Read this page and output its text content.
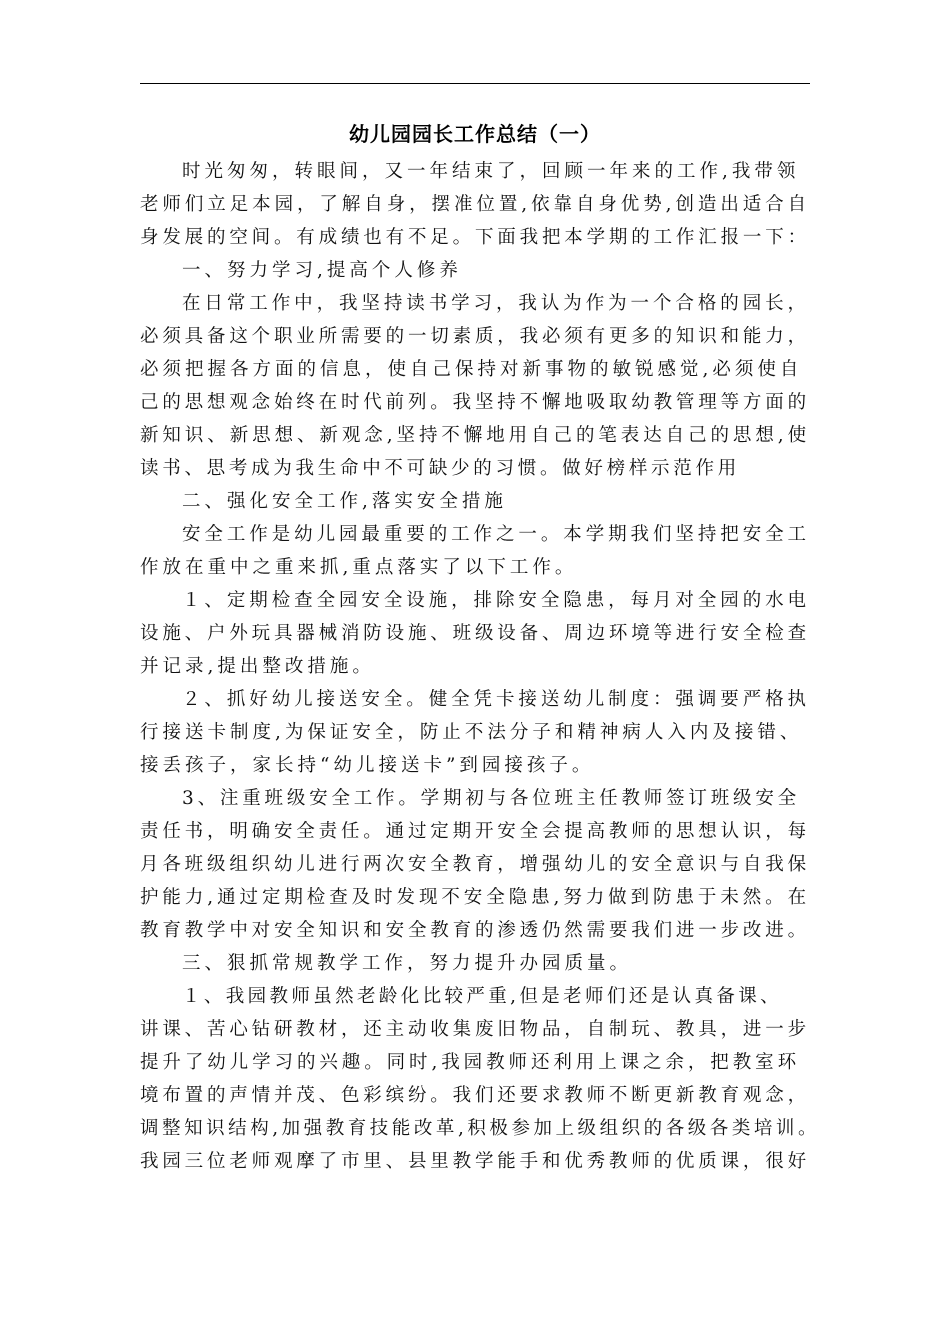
幼儿园园长工作总结（一）
时光匆匆，转眼间，又一年结束了，回顾一年来的工作,我带领
老师们立足本园，了解自身，摆准位置,依靠自身优势,创造出适合自
身发展的空间。有成绩也有不足。下面我把本学期的工作汇报一下：
一、努力学习,提高个人修养
在日常工作中，我坚持读书学习，我认为作为一个合格的园长，
必须具备这个职业所需要的一切素质，我必须有更多的知识和能力，
必须把握各方面的信息，使自己保持对新事物的敏锐感觉,必须使自
己的思想观念始终在时代前列。我坚持不懈地吸取幼教管理等方面的
新知识、新思想、新观念,坚持不懈地用自己的笔表达自己的思想,使
读书、思考成为我生命中不可缺少的习惯。做好榜样示范作用
二、强化安全工作,落实安全措施
安全工作是幼儿园最重要的工作之一。本学期我们坚持把安全工
作放在重中之重来抓,重点落实了以下工作。
１、定期检查全园安全设施，排除安全隐患，每月对全园的水电
设施、户外玩具器械消防设施、班级设备、周边环境等进行安全检查
并记录,提出整改措施。
２、抓好幼儿接送安全。健全凭卡接送幼儿制度：强调要严格执
行接送卡制度,为保证安全，防止不法分子和精神病人入内及接错、
接丢孩子，家长持“幼儿接送卡”到园接孩子。
3、注重班级安全工作。学期初与各位班主任教师签订班级安全
责任书，明确安全责任。通过定期开安全会提高教师的思想认识，每
月各班级组织幼儿进行两次安全教育，增强幼儿的安全意识与自我保
护能力,通过定期检查及时发现不安全隐患,努力做到防患于未然。在
教育教学中对安全知识和安全教育的渗透仍然需要我们进一步改进。
三、狠抓常规教学工作，努力提升办园质量。
１、我园教师虽然老龄化比较严重,但是老师们还是认真备课、
讲课、苦心钻研教材，还主动收集废旧物品，自制玩、教具，进一步
提升了幼儿学习的兴趣。同时,我园教师还利用上课之余，把教室环
境布置的声情并茂、色彩缤纷。我们还要求教师不断更新教育观念，
调整知识结构,加强教育技能改革,积极参加上级组织的各级各类培训。
我园三位老师观摩了市里、县里教学能手和优秀教师的优质课，很好
